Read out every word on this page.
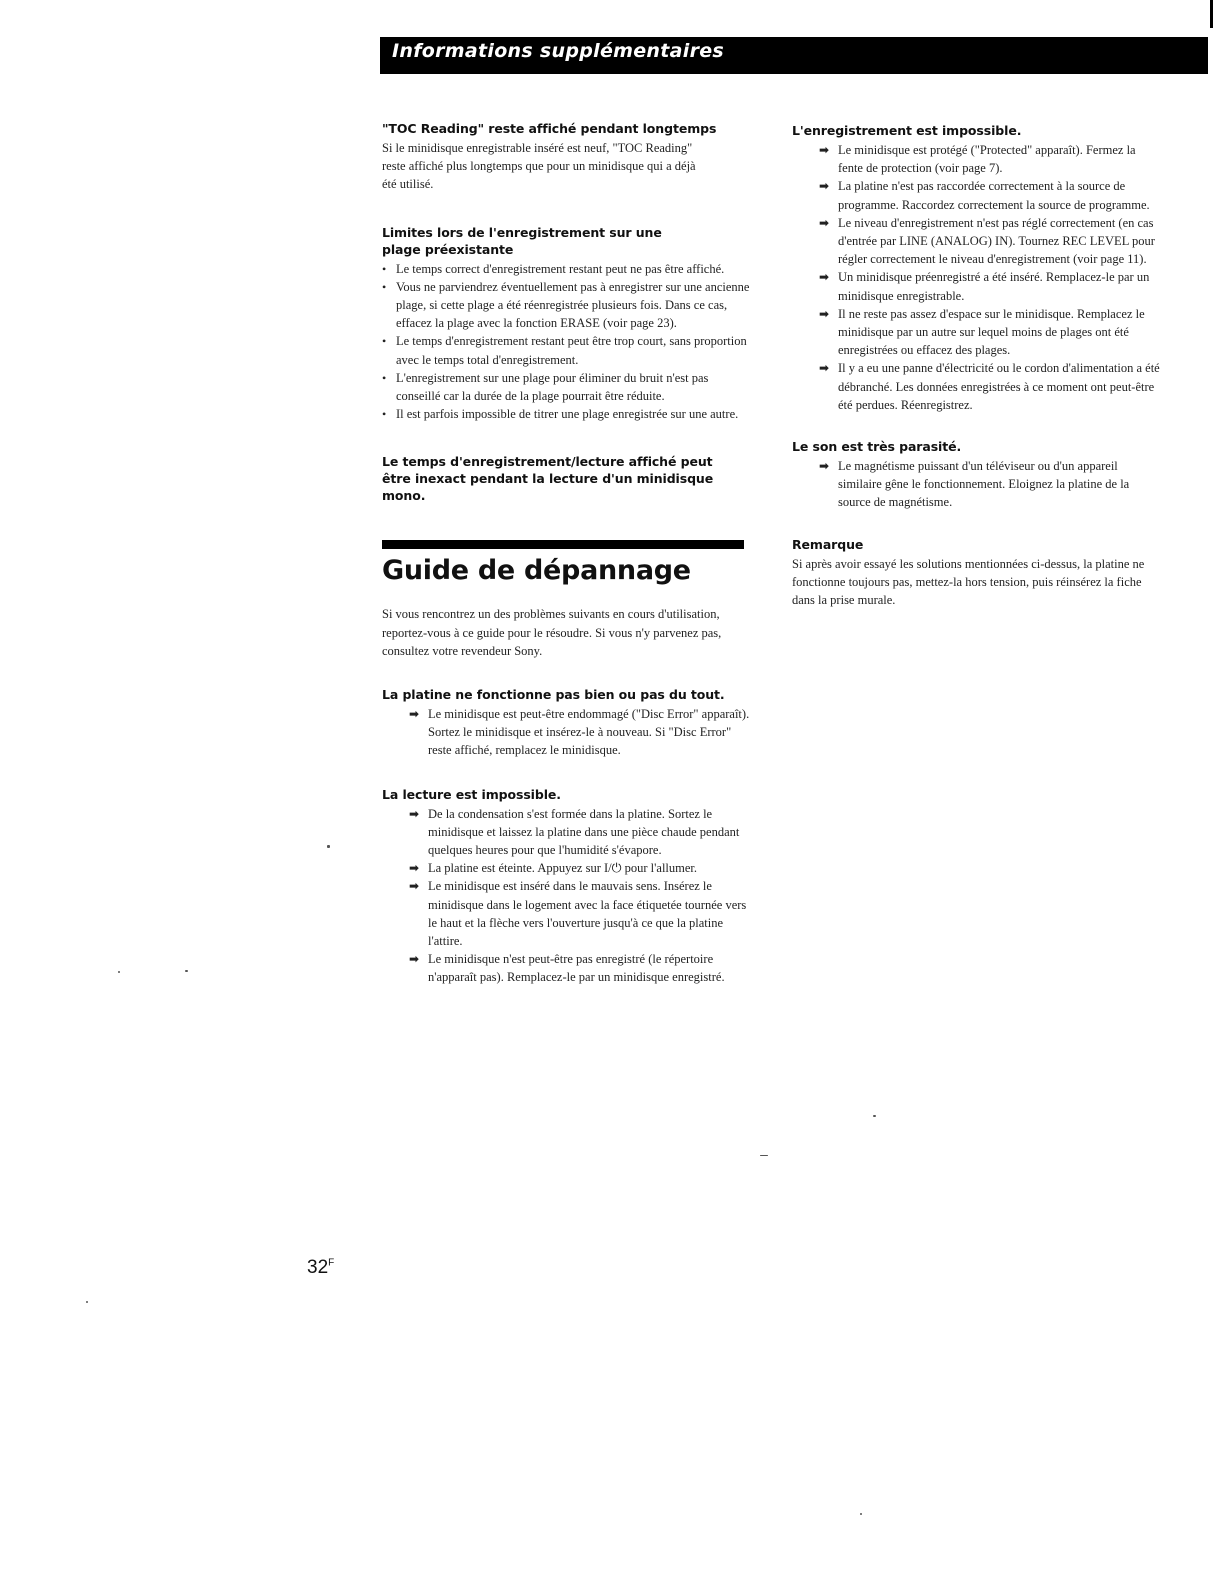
Informations supplémentaires
"TOC Reading" reste affiché pendant longtemps

Si le minidisque enregistrable inséré est neuf, "TOC Reading" reste affiché plus longtemps que pour un minidisque qui a déjà été utilisé.

Limites lors de l'enregistrement sur une plage préexistante
• Le temps correct d'enregistrement restant peut ne pas être affiché.
• Vous ne parviendrez éventuellement pas à enregistrer sur une ancienne plage, si cette plage a été réenregistrée plusieurs fois. Dans ce cas, effacez la plage avec la fonction ERASE (voir page 23).
• Le temps d'enregistrement restant peut être trop court, sans proportion avec le temps total d'enregistrement.
• L'enregistrement sur une plage pour éliminer du bruit n'est pas conseillé car la durée de la plage pourrait être réduite.
• Il est parfois impossible de titrer une plage enregistrée sur une autre.
Le temps d'enregistrement/lecture affiché peut être inexact pendant la lecture d'un minidisque mono.
Guide de dépannage

Si vous rencontrez un des problèmes suivants en cours d'utilisation, reportez-vous à ce guide pour le résoudre. Si vous n'y parvenez pas, consultez votre revendeur Sony.

La platine ne fonctionne pas bien ou pas du tout.
➡ Le minidisque est peut-être endommagé ("Disc Error" apparaît). Sortez le minidisque et insérez-le à nouveau. Si "Disc Error" reste affiché, remplacez le minidisque.
La lecture est impossible.
➡ De la condensation s'est formée dans la platine. Sortez le minidisque et laissez la platine dans une pièce chaude pendant quelques heures pour que l'humidité s'évapore.
➡ La platine est éteinte. Appuyez sur I/⏻ pour l'allumer.
➡ Le minidisque est inséré dans le mauvais sens. Insérez le minidisque dans le logement avec la face étiquetée tournée vers le haut et la flèche vers l'ouverture jusqu'à ce que la platine l'attire.
➡ Le minidisque n'est peut-être pas enregistré (le répertoire n'apparaît pas). Remplacez-le par un minidisque enregistré.
L'enregistrement est impossible.
➡ Le minidisque est protégé ("Protected" apparaît). Fermez la fente de protection (voir page 7).
➡ La platine n'est pas raccordée correctement à la source de programme. Raccordez correctement la source de programme.
➡ Le niveau d'enregistrement n'est pas réglé correctement (en cas d'entrée par LINE (ANALOG) IN). Tournez REC LEVEL pour régler correctement le niveau d'enregistrement (voir page 11).
➡ Un minidisque préenregistré a été inséré. Remplacez-le par un minidisque enregistrable.
➡ Il ne reste pas assez d'espace sur le minidisque. Remplacez le minidisque par un autre sur lequel moins de plages ont été enregistrées ou effacez des plages.
➡ Il y a eu une panne d'électricité ou le cordon d'alimentation a été débranché. Les données enregistrées à ce moment ont peut-être été perdues. Réenregistrez.
Le son est très parasité.
➡ Le magnétisme puissant d'un téléviseur ou d'un appareil similaire gêne le fonctionnement. Eloignez la platine de la source de magnétisme.
Remarque

Si après avoir essayé les solutions mentionnées ci-dessus, la platine ne fonctionne toujours pas, mettez-la hors tension, puis réinsérez la fiche dans la prise murale.

$32^F$
